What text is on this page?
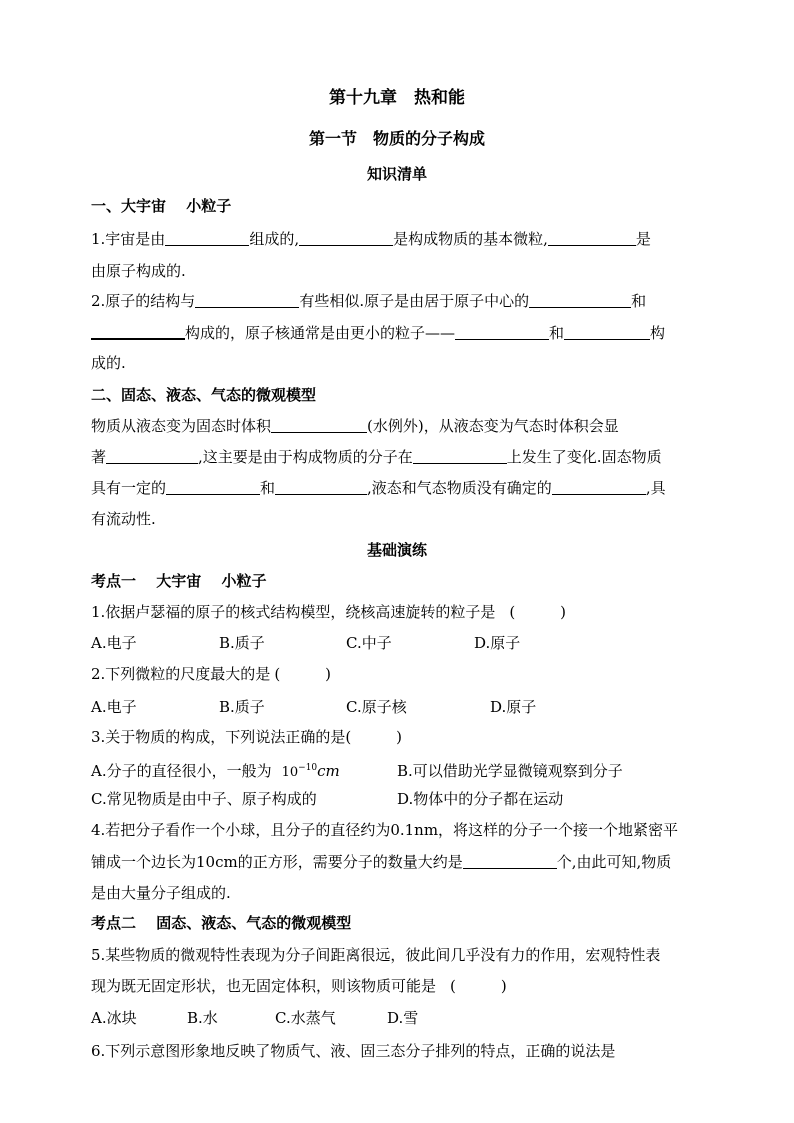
第十九章　热和能
第一节　物质的分子构成
知识清单
一、大宇宙　 小粒子
1.宇宙是由	组成的,	是构成物质的基本微粒,	是
由原子构成的.
2.原子的结构与	有些相似.原子是由居于原子中心的	和
构成的，原子核通常是由更小的粒子——	和	构
成的.
二、固态、液态、气态的微观模型
物质从液态变为固态时体积	(水例外)，从液态变为气态时体积会显
著	,这主要是由于构成物质的分子在	上发生了变化.固态物质
具有一定的	和	,液态和气态物质没有确定的	,具
有流动性.
基础演练
考点一　 大宇宙　 小粒子
1.依据卢瑟福的原子的核式结构模型，绕核高速旋转的粒子是 (　　　)
A.电子	B.质子	C.中子	D.原子
2.下列微粒的尺度最大的是 (　　　)
A.电子	B.质子	C.原子核	D.原子
3.关于物质的构成，下列说法正确的是(　　　)
A.分子的直径很小，一般为 $10^{-10}cm$	B.可以借助光学显微镜观察到分子
C.常见物质是由中子、原子构成的	D.物体中的分子都在运动
4.若把分子看作一个小球，且分子的直径约为0.1nm，将这样的分子一个接一个地紧密平
铺成一个边长为10cm的正方形，需要分子的数量大约是	个,由此可知,物质
是由大量分子组成的.
考点二　 固态、液态、气态的微观模型
5.某些物质的微观特性表现为分子间距离很远，彼此间几乎没有力的作用，宏观特性表
现为既无固定形状，也无固定体积，则该物质可能是 (　　　)
A.冰块	B.水	C.水蒸气	D.雪
6.下列示意图形象地反映了物质气、液、固三态分子排列的特点，正确的说法是
